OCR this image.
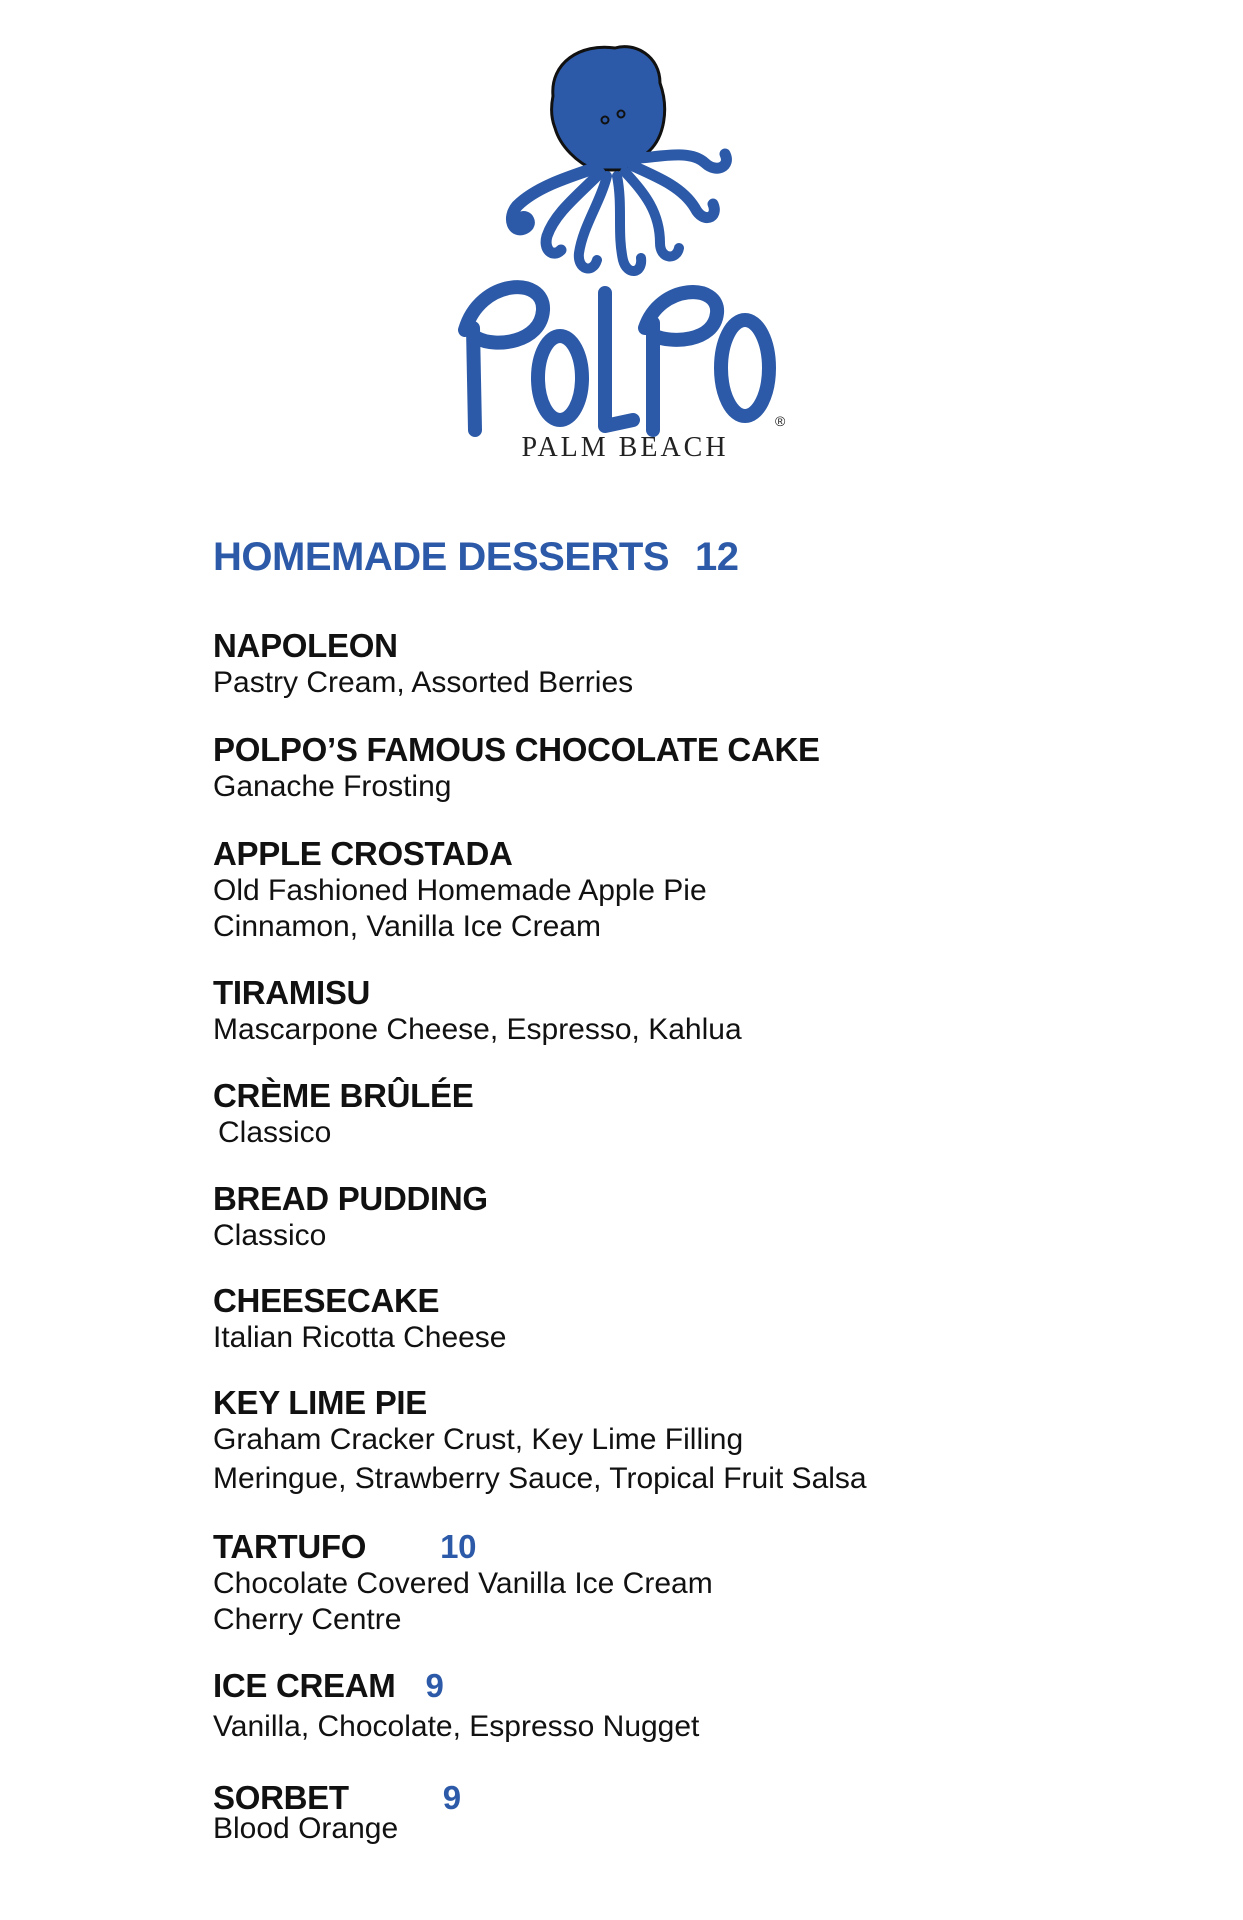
®

PALM BEACH

HOMEMADE DESSERTS 12
NAPOLEON

Pastry Cream, Assorted Berries

POLPO’S FAMOUS CHOCOLATE CAKE

Ganache Frosting

APPLE CROSTADA

Old Fashioned Homemade Apple Pie

Cinnamon, Vanilla Ice Cream

TIRAMISU

Mascarpone Cheese, Espresso, Kahlua

CRÈME BRÛLÉE

Classico

BREAD PUDDING

Classico

CHEESECAKE

Italian Ricotta Cheese

KEY LIME PIE

Graham Cracker Crust, Key Lime Filling

Meringue, Strawberry Sauce, Tropical Fruit Salsa

TARTUFO 10

Chocolate Covered Vanilla Ice Cream

Cherry Centre

ICE CREAM 9

Vanilla, Chocolate, Espresso Nugget

SORBET	9

Blood Orange
